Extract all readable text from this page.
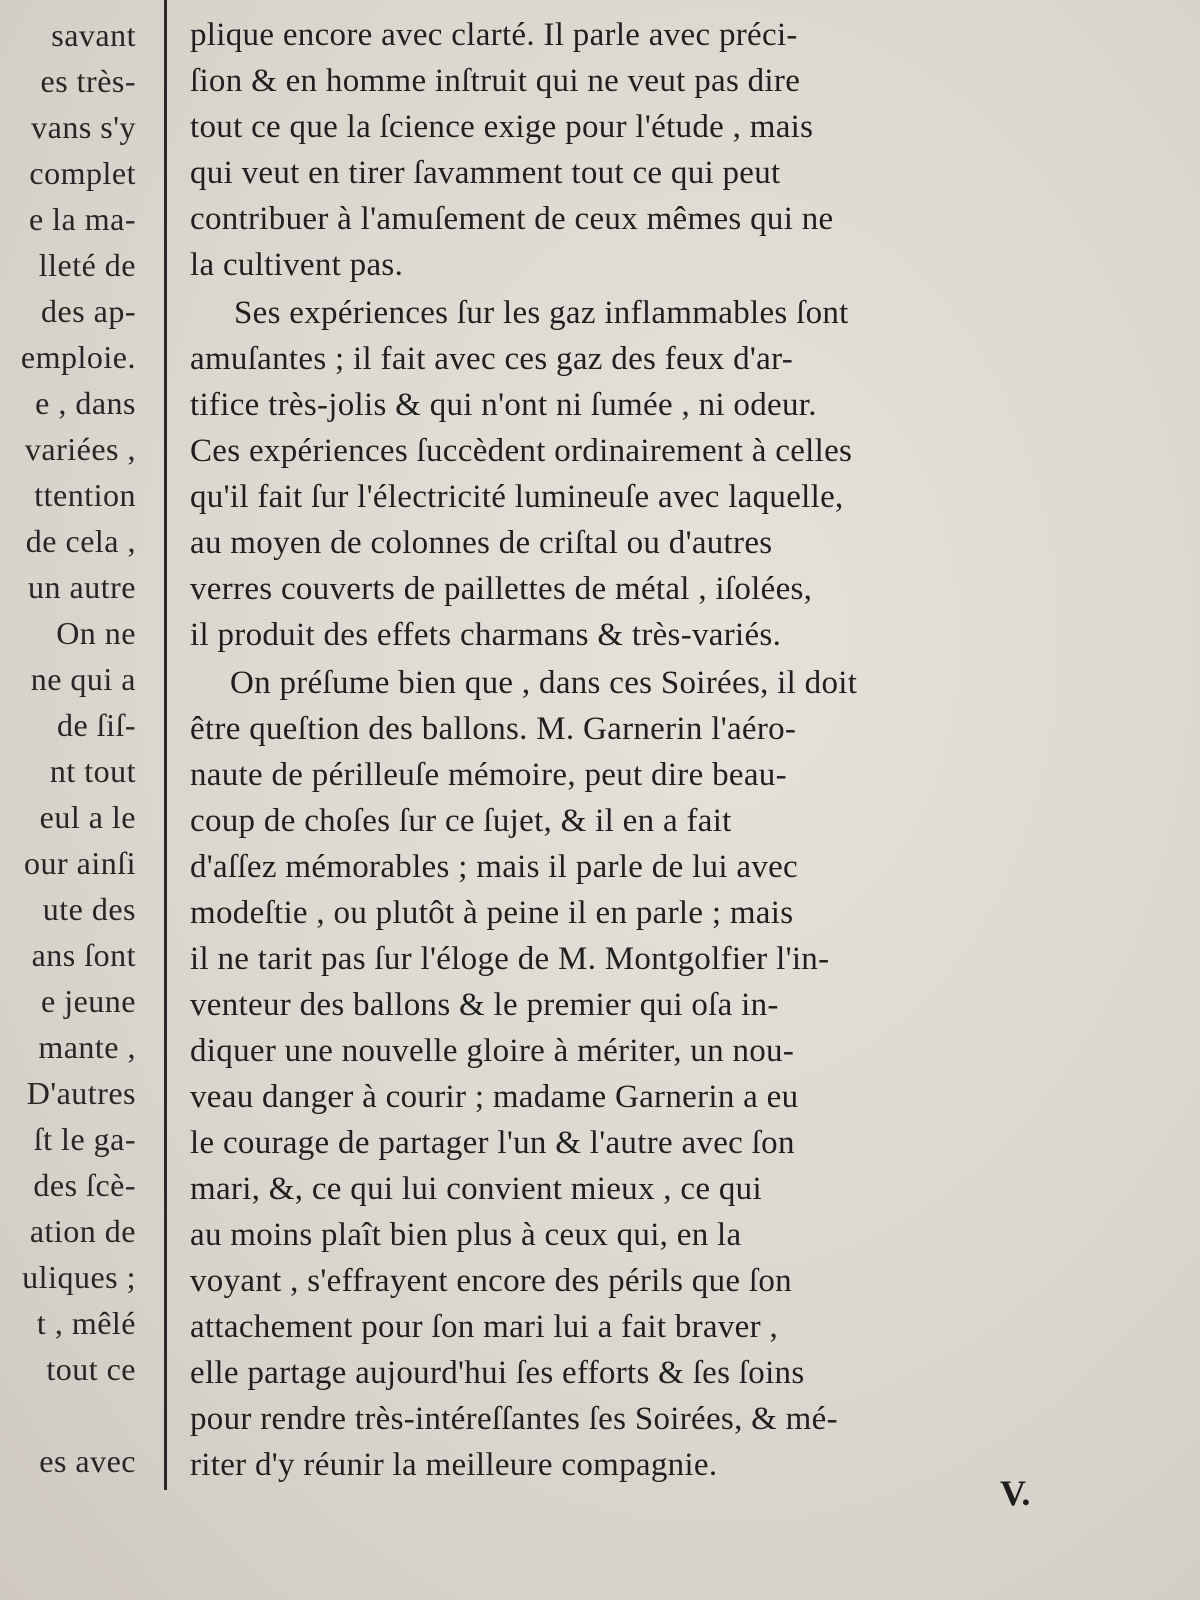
savant
es très-
vans s'y
complet
e la ma-
lleté de
des ap-
emploie.
e , dans
variées ,
ttention
de cela ,
un autre
On ne
ne qui a
de ſiſ-
nt tout
eul a le
our ainſi
ute des
ans ſont
e jeune
mante ,
D'autres
ſt le ga-
des ſcè-
ation de
uliques ;
t , mêlé
tout ce
es avec
plique encore avec clarté. Il parle avec préci-
ſion & en homme inſtruit qui ne veut pas dire
tout ce que la ſcience exige pour l'étude , mais
qui veut en tirer ſavamment tout ce qui peut
contribuer à l'amuſement de ceux mêmes qui ne
la cultivent pas.
Ses expériences ſur les gaz inflammables ſont
amuſantes ; il fait avec ces gaz des feux d'ar-
tifice très-jolis & qui n'ont ni ſumée , ni odeur.
Ces expériences ſuccèdent ordinairement à celles
qu'il fait ſur l'électricité lumineuſe avec laquelle,
au moyen de colonnes de criſtal ou d'autres
verres couverts de paillettes de métal , iſolées,
il produit des effets charmans & très-variés.
On préſume bien que , dans ces Soirées, il doit
être queſtion des ballons. M. Garnerin l'aéro-
naute de périlleuſe mémoire, peut dire beau-
coup de choſes ſur ce ſujet, & il en a fait
d'aſſez mémorables ; mais il parle de lui avec
modeſtie , ou plutôt à peine il en parle ; mais
il ne tarit pas ſur l'éloge de M. Montgolfier l'in-
venteur des ballons & le premier qui oſa in-
diquer une nouvelle gloire à mériter, un nou-
veau danger à courir ; madame Garnerin a eu
le courage de partager l'un & l'autre avec ſon
mari, &, ce qui lui convient mieux , ce qui
au moins plaît bien plus à ceux qui, en la
voyant , s'effrayent encore des périls que ſon
attachement pour ſon mari lui a fait braver ,
elle partage aujourd'hui ſes efforts & ſes ſoins
pour rendre très-intéreſſantes ſes Soirées, & mé-
riter d'y réunir la meilleure compagnie.
V.
